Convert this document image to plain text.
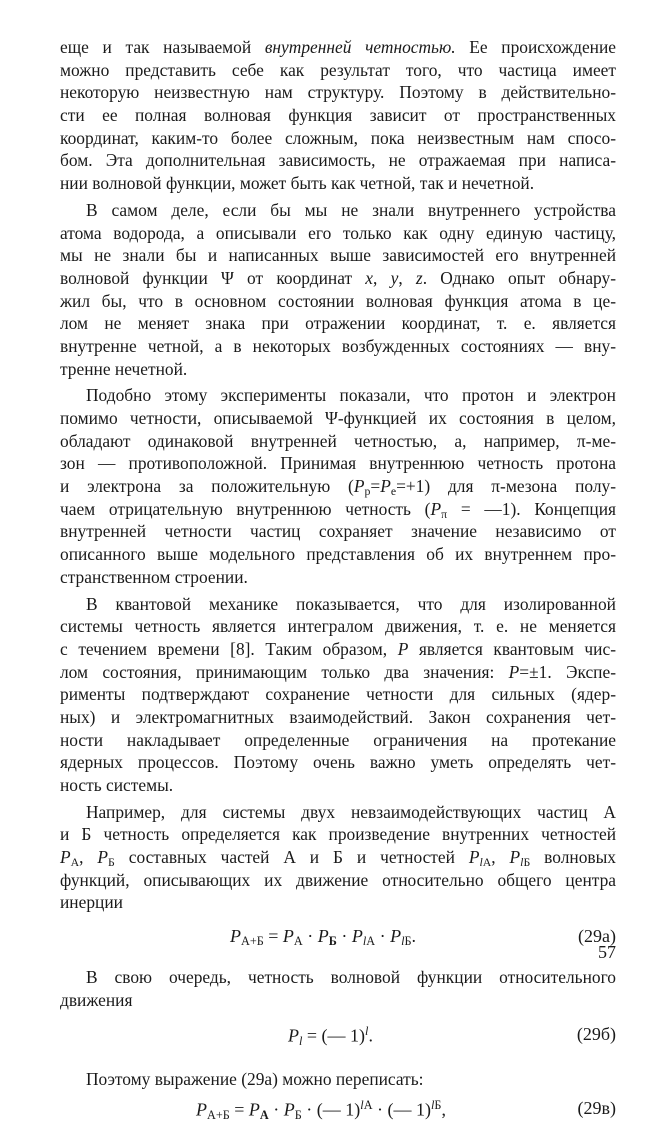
еще и так называемой внутренней четностью. Ее происхождение
можно представить себе как результат того, что частица имеет
некоторую неизвестную нам структуру. Поэтому в действительно-
сти ее полная волновая функция зависит от пространственных
координат, каким-то более сложным, пока неизвестным нам спосо-
бом. Эта дополнительная зависимость, не отражаемая при написа-
нии волновой функции, может быть как четной, так и нечетной.
В самом деле, если бы мы не знали внутреннего устройства
атома водорода, а описывали его только как одну единую частицу,
мы не знали бы и написанных выше зависимостей его внутренней
волновой функции Ψ от координат x, y, z. Однако опыт обнару-
жил бы, что в основном состоянии волновая функция атома в це-
лом не меняет знака при отражении координат, т. е. является
внутренне четной, а в некоторых возбужденных состояниях — вну-
тренне нечетной.
Подобно этому эксперименты показали, что протон и электрон
помимо четности, описываемой Ψ-функцией их состояния в целом,
обладают одинаковой внутренней четностью, а, например, π-ме-
зон — противоположной. Принимая внутреннюю четность протона
и электрона за положительную $(P_p=P_e=+1)$ для π-мезона полу-
чаем отрицательную внутреннюю четность ($P_\pi$ = —1). Концепция
внутренней четности частиц сохраняет значение независимо от
описанного выше модельного представления об их внутреннем про-
странственном строении.
В квантовой механике показывается, что для изолированной
системы четность является интегралом движения, т. е. не меняется
с течением времени [8]. Таким образом, P является квантовым чис-
лом состояния, принимающим только два значения: P=±1. Экспе-
рименты подтверждают сохранение четности для сильных (ядер-
ных) и электромагнитных взаимодействий. Закон сохранения чет-
ности накладывает определенные ограничения на протекание
ядерных процессов. Поэтому очень важно уметь определять чет-
ность системы.
Например, для системы двух невзаимодействующих частиц А
и Б четность определяется как произведение внутренних четностей
$P_А$, $P_Б$ составных частей А и Б и четностей $P_{lА}$, $P_{lБ}$ волновых
функций, описывающих их движение относительно общего центра
инерции
$P_{А+Б} = P_А \cdot P_Б \cdot P_{lА} \cdot P_{lБ}$.	(29а)
В свою очередь, четность волновой функции относительного
движения
$P_l$ = (— 1)$^l$.	(29б)
Поэтому выражение (29а) можно переписать:
$P_{А+Б} = P_А \cdot P_Б$ · (— 1)$^{lА}$ · (— 1)$^{lБ}$,	(29в)
57
